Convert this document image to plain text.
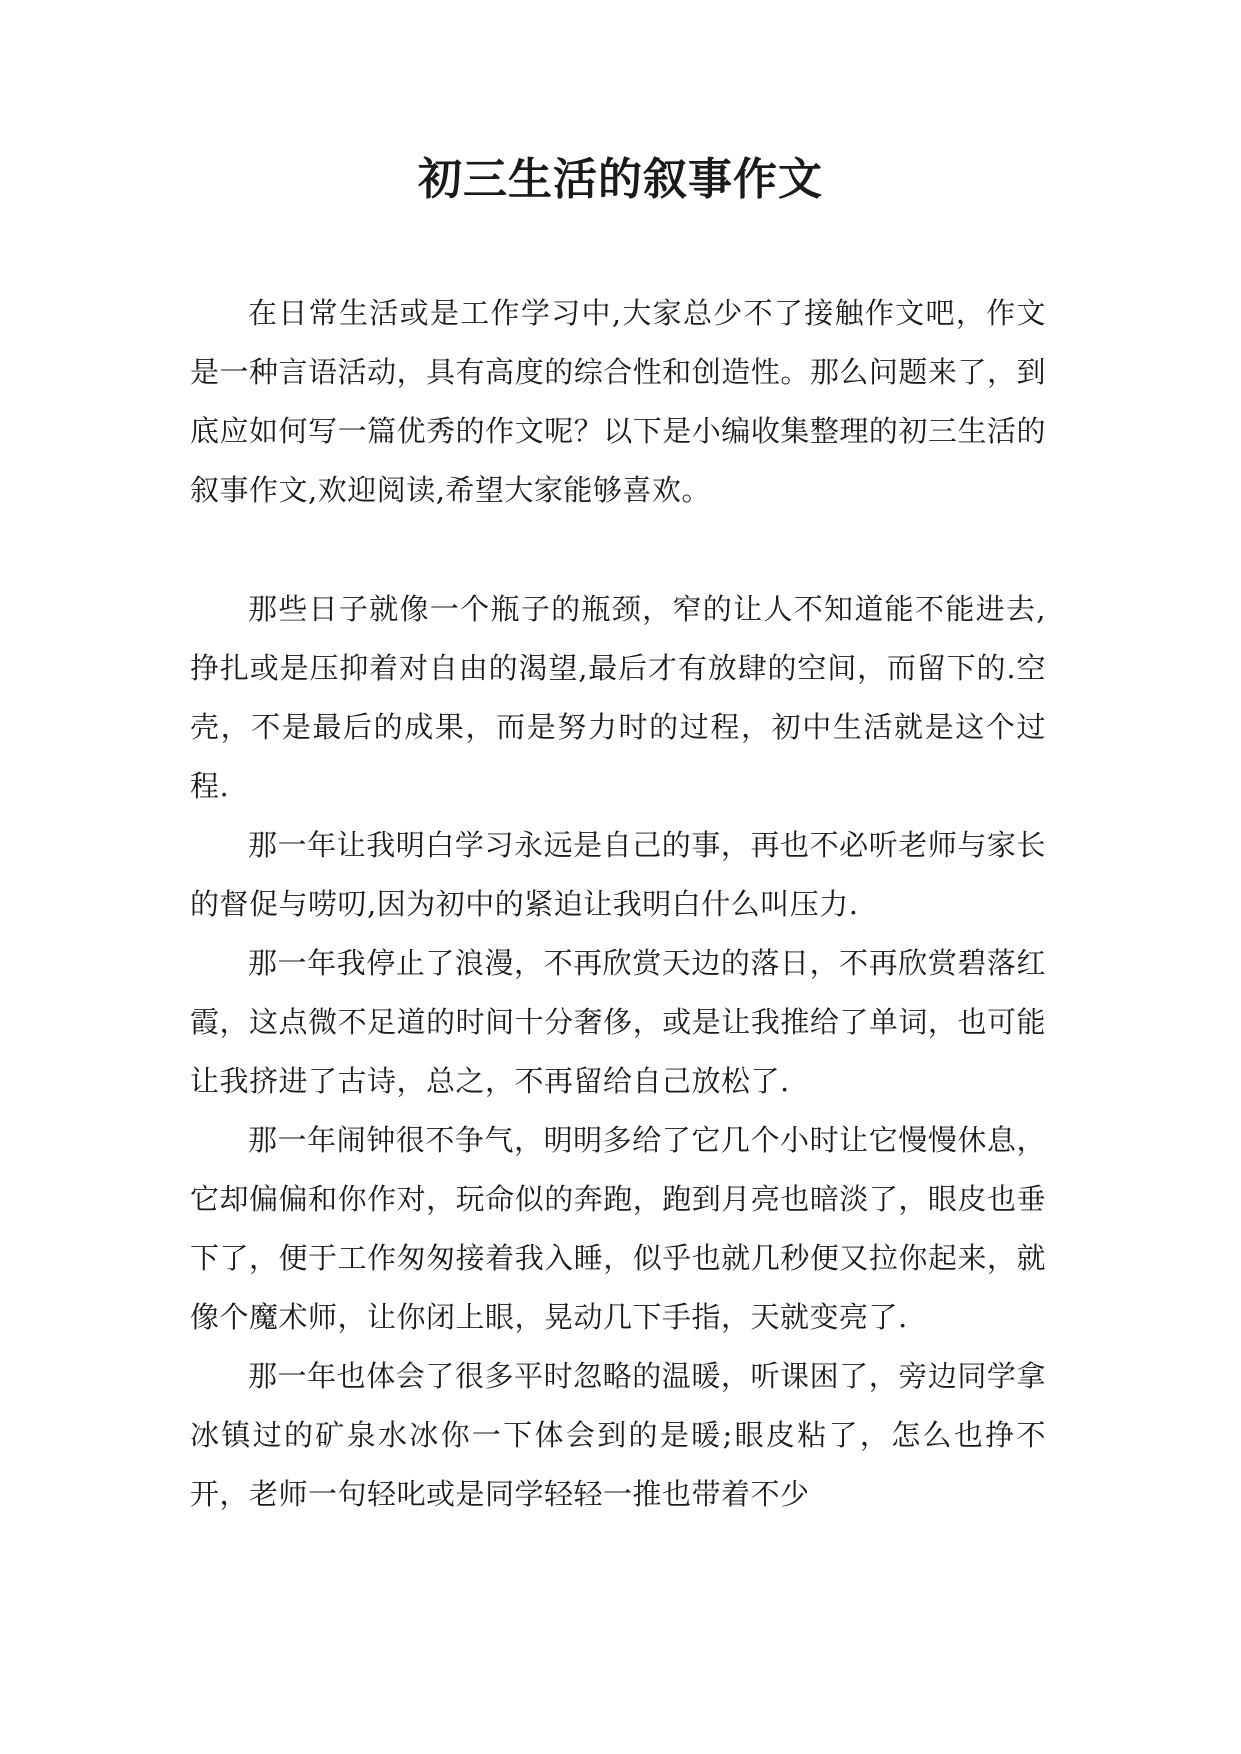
初三生活的叙事作文

在日常生活或是工作学习中,大家总少不了接触作文吧，作文是一种言语活动，具有高度的综合性和创造性。那么问题来了，到底应如何写一篇优秀的作文呢？以下是小编收集整理的初三生活的叙事作文,欢迎阅读,希望大家能够喜欢。

那些日子就像一个瓶子的瓶颈，窄的让人不知道能不能进去,挣扎或是压抑着对自由的渴望,最后才有放肆的空间，而留下的.空壳，不是最后的成果，而是努力时的过程，初中生活就是这个过程.

那一年让我明白学习永远是自己的事，再也不必听老师与家长的督促与唠叨,因为初中的紧迫让我明白什么叫压力.

那一年我停止了浪漫，不再欣赏天边的落日，不再欣赏碧落红霞，这点微不足道的时间十分奢侈，或是让我推给了单词，也可能让我挤进了古诗，总之，不再留给自己放松了.

那一年闹钟很不争气，明明多给了它几个小时让它慢慢休息，它却偏偏和你作对，玩命似的奔跑，跑到月亮也暗淡了，眼皮也垂下了，便于工作匆匆接着我入睡，似乎也就几秒便又拉你起来，就像个魔术师，让你闭上眼，晃动几下手指，天就变亮了.

那一年也体会了很多平时忽略的温暖，听课困了，旁边同学拿冰镇过的矿泉水冰你一下体会到的是暖;眼皮粘了，怎么也挣不开，老师一句轻叱或是同学轻轻一推也带着不少
